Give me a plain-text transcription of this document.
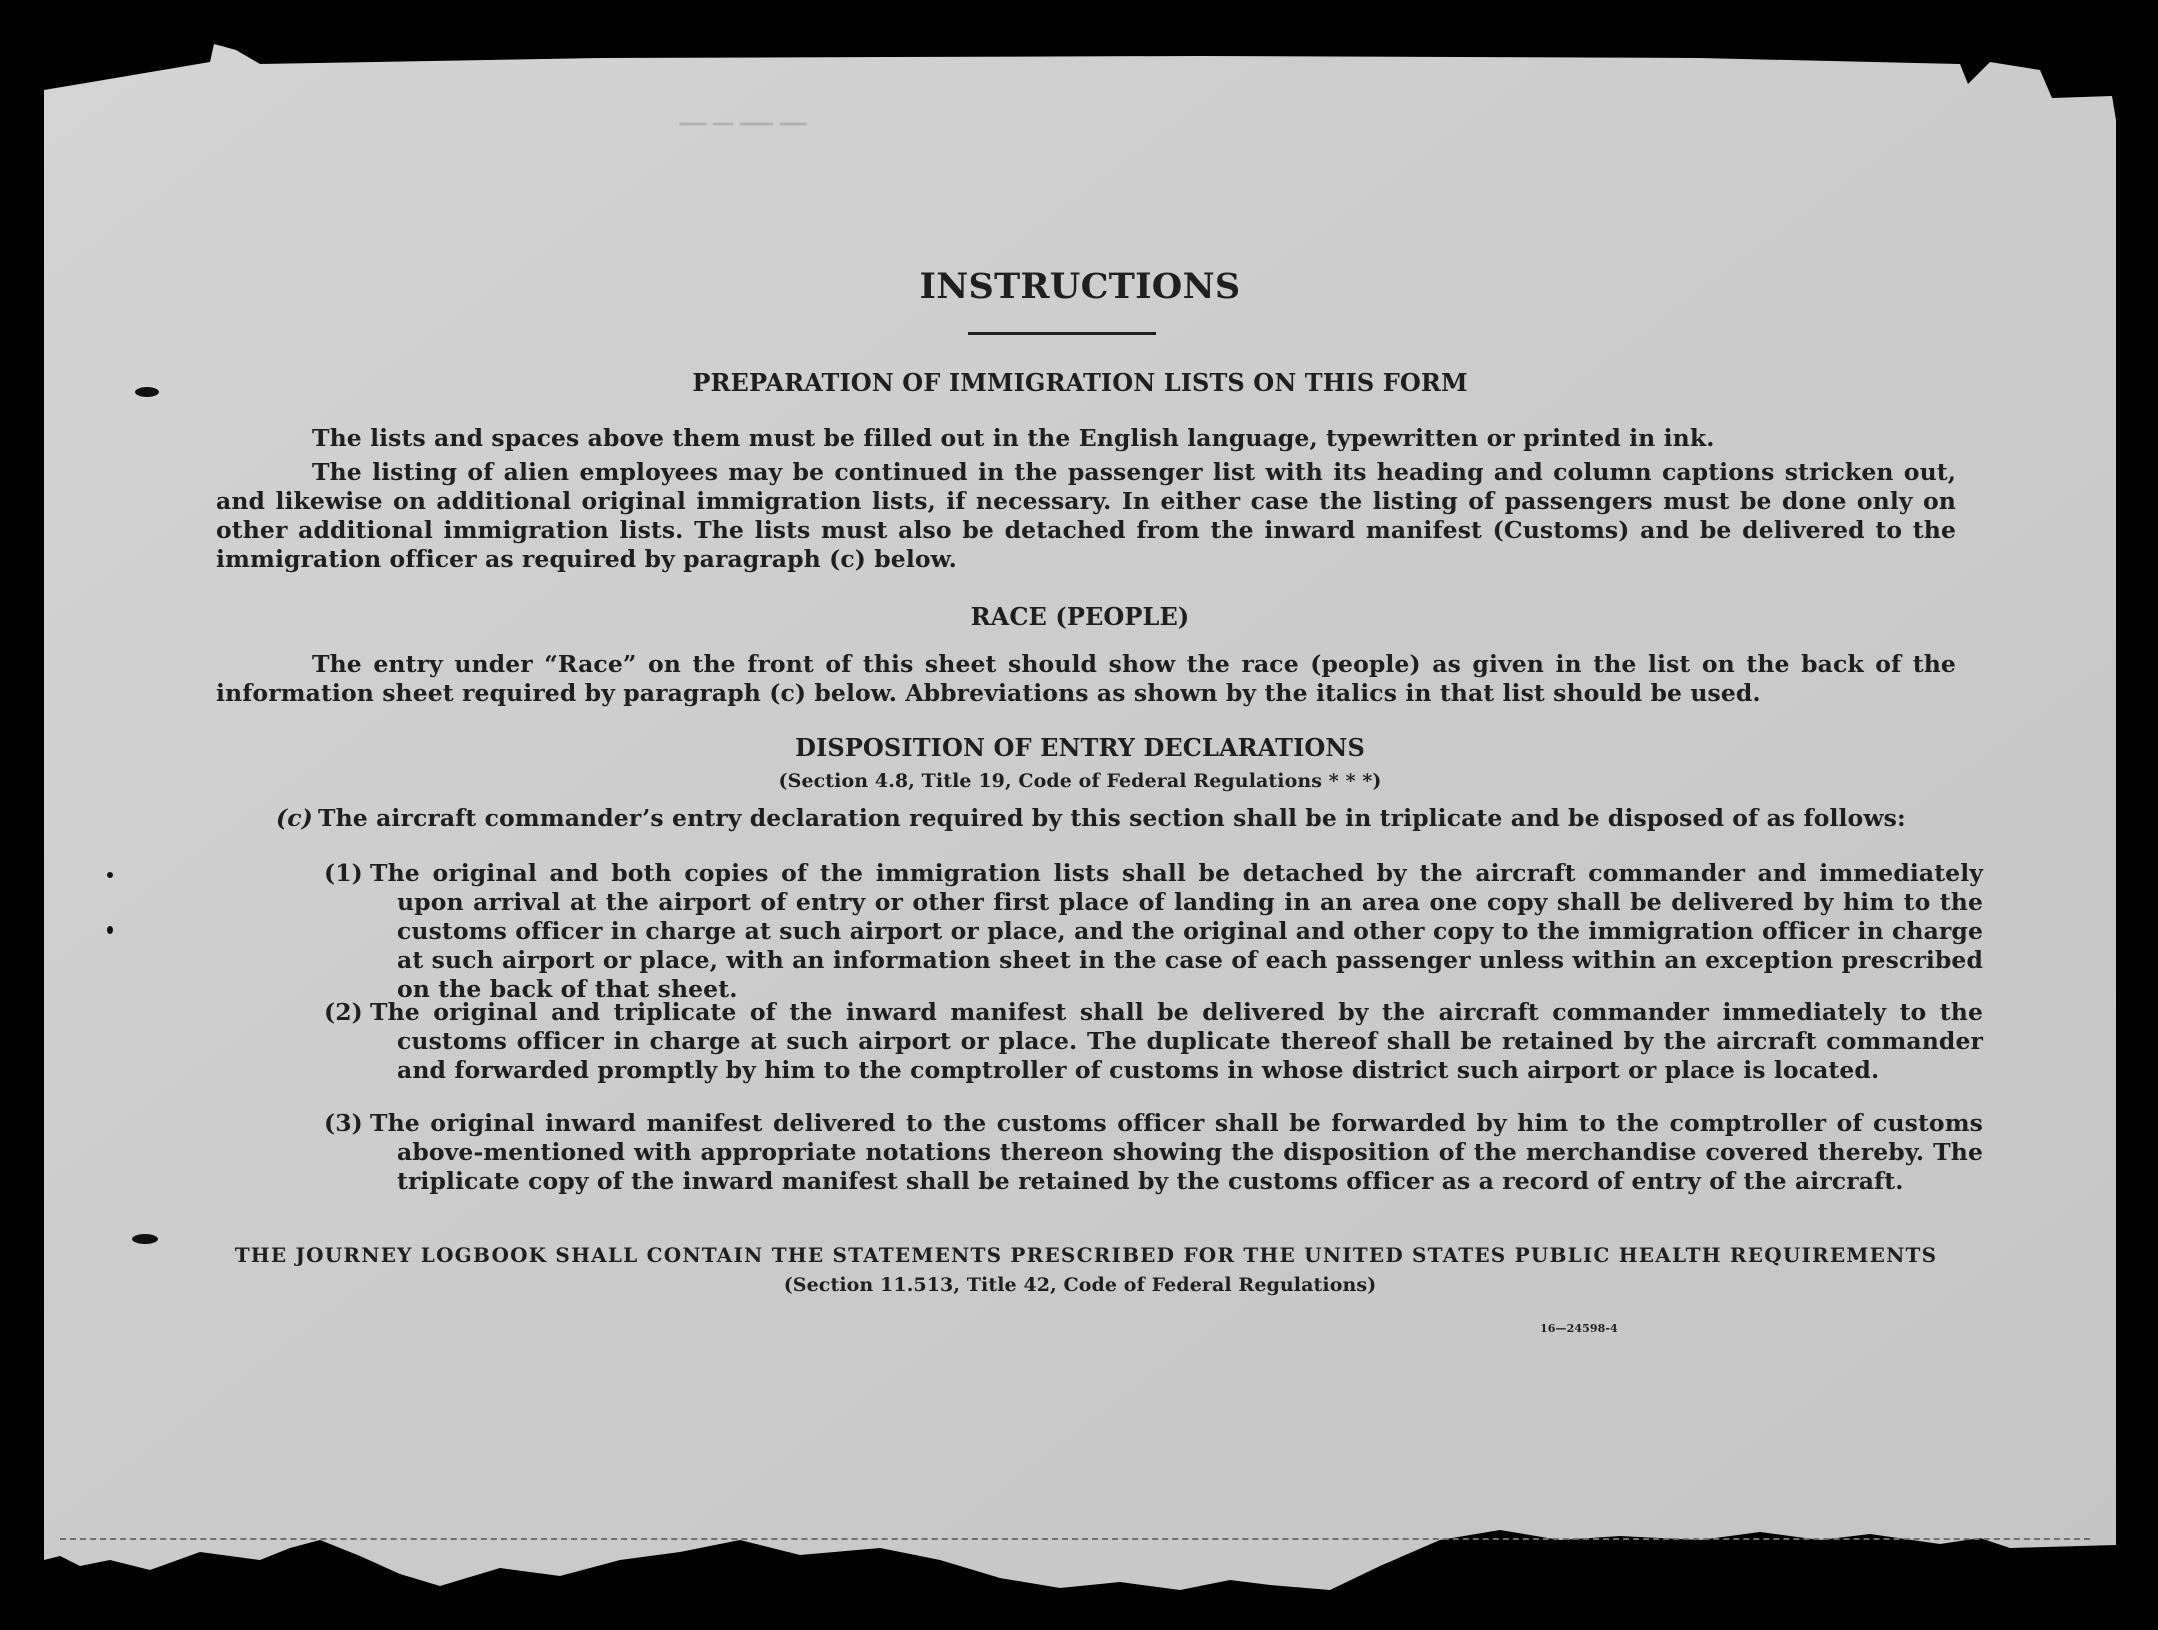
ــــ ـــ ـــــ ــــ
INSTRUCTIONS
PREPARATION OF IMMIGRATION LISTS ON THIS FORM
The lists and spaces above them must be filled out in the English language, typewritten or printed in ink.
The listing of alien employees may be continued in the passenger list with its heading and column captions stricken out, and likewise on additional original immigration lists, if necessary. In either case the listing of passengers must be done only on other additional immigration lists. The lists must also be detached from the inward manifest (Customs) and be delivered to the immigration officer as required by paragraph (c) below.
RACE (PEOPLE)
The entry under “Race” on the front of this sheet should show the race (people) as given in the list on the back of the information sheet required by paragraph (c) below. Abbreviations as shown by the italics in that list should be used.
DISPOSITION OF ENTRY DECLARATIONS
(Section 4.8, Title 19, Code of Federal Regulations * * *)
(c) The aircraft commander’s entry declaration required by this section shall be in triplicate and be disposed of as follows:
(1) The original and both copies of the immigration lists shall be detached by the aircraft commander and immediately upon arrival at the airport of entry or other first place of landing in an area one copy shall be delivered by him to the customs officer in charge at such airport or place, and the original and other copy to the immigration officer in charge at such airport or place, with an information sheet in the case of each passenger unless within an exception prescribed on the back of that sheet.
(2) The original and triplicate of the inward manifest shall be delivered by the aircraft commander immediately to the customs officer in charge at such airport or place. The duplicate thereof shall be retained by the aircraft commander and forwarded promptly by him to the comptroller of customs in whose district such airport or place is located.
(3) The original inward manifest delivered to the customs officer shall be forwarded by him to the comptroller of customs above-mentioned with appropriate notations thereon showing the disposition of the merchandise covered thereby. The triplicate copy of the inward manifest shall be retained by the customs officer as a record of entry of the aircraft.
THE JOURNEY LOGBOOK SHALL CONTAIN THE STATEMENTS PRESCRIBED FOR THE UNITED STATES PUBLIC HEALTH REQUIREMENTS
(Section 11.513, Title 42, Code of Federal Regulations)
16—24598-4
